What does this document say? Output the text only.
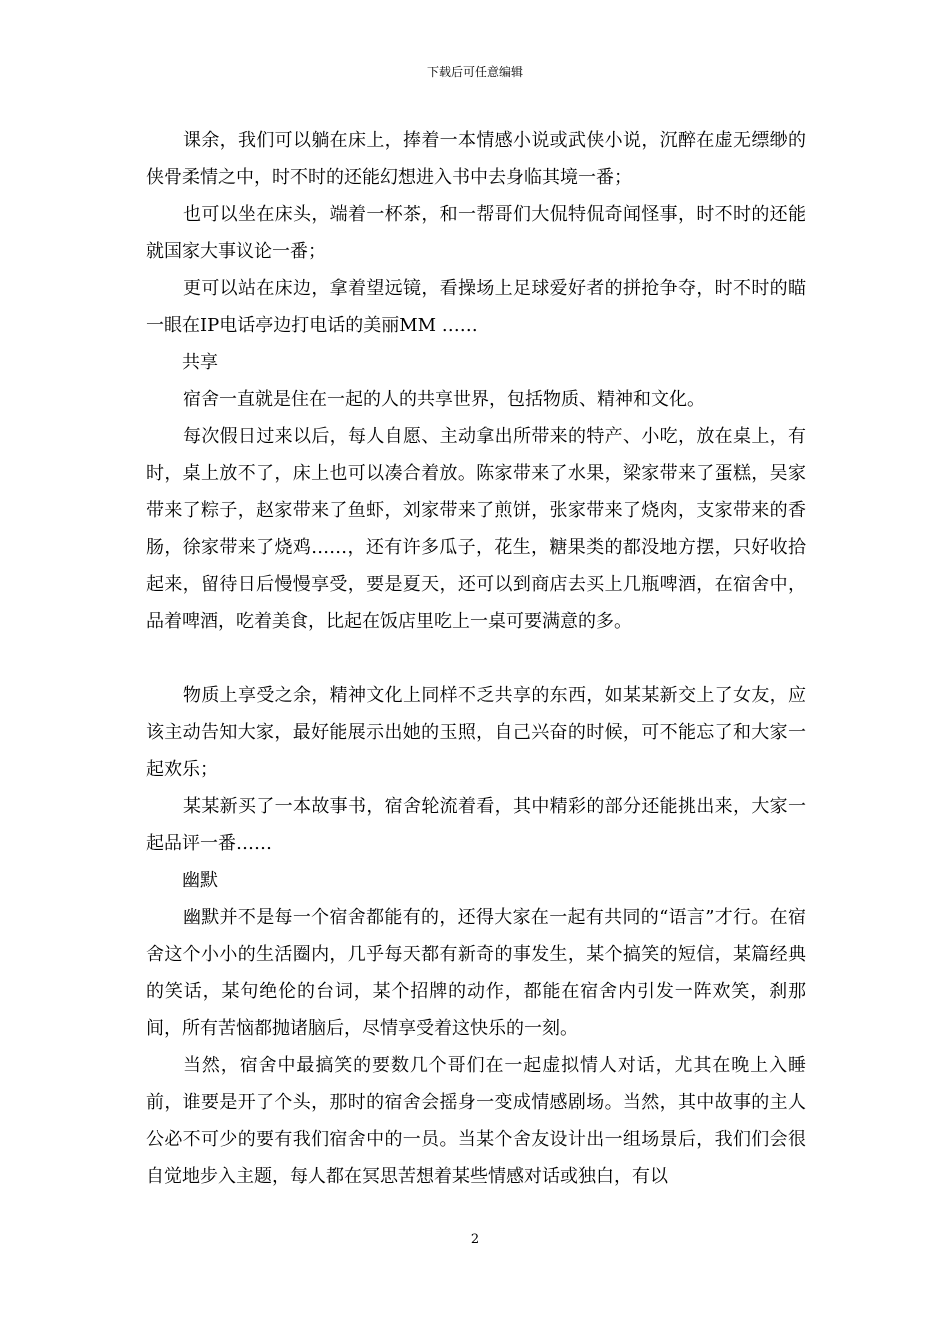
下载后可任意编辑

课余，我们可以躺在床上，捧着一本情感小说或武侠小说，沉醉在虚无缥缈的侠骨柔情之中，时不时的还能幻想进入书中去身临其境一番；

也可以坐在床头，端着一杯茶，和一帮哥们大侃特侃奇闻怪事，时不时的还能就国家大事议论一番；

更可以站在床边，拿着望远镜，看操场上足球爱好者的拼抢争夺，时不时的瞄一眼在IP电话亭边打电话的美丽MM ……

共享

宿舍一直就是住在一起的人的共享世界，包括物质、精神和文化。

每次假日过来以后，每人自愿、主动拿出所带来的特产、小吃，放在桌上，有时，桌上放不了，床上也可以凑合着放。陈家带来了水果，梁家带来了蛋糕，吴家带来了粽子，赵家带来了鱼虾，刘家带来了煎饼，张家带来了烧肉，支家带来的香肠，徐家带来了烧鸡……，还有许多瓜子，花生，糖果类的都没地方摆，只好收拾起来，留待日后慢慢享受，要是夏天，还可以到商店去买上几瓶啤酒，在宿舍中，品着啤酒，吃着美食，比起在饭店里吃上一桌可要满意的多。

物质上享受之余，精神文化上同样不乏共享的东西，如某某新交上了女友，应该主动告知大家，最好能展示出她的玉照，自己兴奋的时候，可不能忘了和大家一起欢乐；

某某新买了一本故事书，宿舍轮流着看，其中精彩的部分还能挑出来，大家一起品评一番……

幽默

幽默并不是每一个宿舍都能有的，还得大家在一起有共同的“语言”才行。在宿舍这个小小的生活圈内，几乎每天都有新奇的事发生，某个搞笑的短信，某篇经典的笑话，某句绝伦的台词，某个招牌的动作，都能在宿舍内引发一阵欢笑，刹那间，所有苦恼都抛诸脑后，尽情享受着这快乐的一刻。

当然，宿舍中最搞笑的要数几个哥们在一起虚拟情人对话，尤其在晚上入睡前，谁要是开了个头，那时的宿舍会摇身一变成情感剧场。当然，其中故事的主人公必不可少的要有我们宿舍中的一员。当某个舍友设计出一组场景后，我们们会很自觉地步入主题，每人都在冥思苦想着某些情感对话或独白，有以

2
